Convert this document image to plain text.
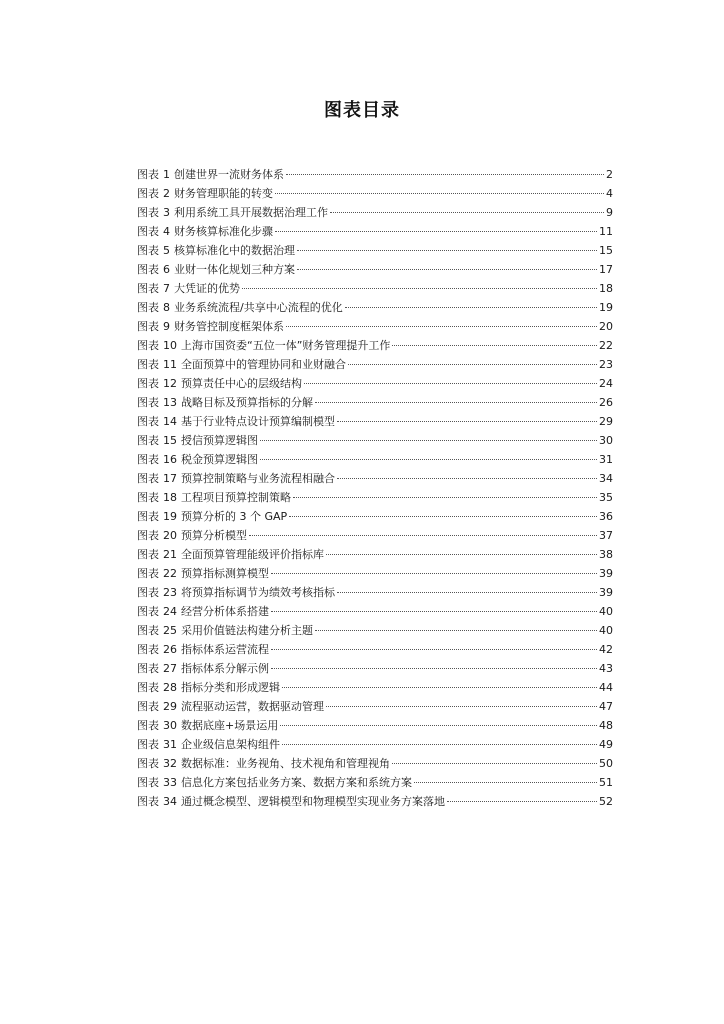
图表目录
图表 1 创建世界一流财务体系	2
图表 2 财务管理职能的转变	4
图表 3 利用系统工具开展数据治理工作	9
图表 4 财务核算标准化步骤	11
图表 5 核算标准化中的数据治理	15
图表 6 业财一体化规划三种方案	17
图表 7 大凭证的优势	18
图表 8 业务系统流程/共享中心流程的优化	19
图表 9 财务管控制度框架体系	20
图表 10 上海市国资委“五位一体”财务管理提升工作	22
图表 11 全面预算中的管理协同和业财融合	23
图表 12 预算责任中心的层级结构	24
图表 13 战略目标及预算指标的分解	26
图表 14 基于行业特点设计预算编制模型	29
图表 15 授信预算逻辑图	30
图表 16 税金预算逻辑图	31
图表 17 预算控制策略与业务流程相融合	34
图表 18 工程项目预算控制策略	35
图表 19 预算分析的 3 个 GAP	36
图表 20 预算分析模型	37
图表 21 全面预算管理能级评价指标库	38
图表 22 预算指标测算模型	39
图表 23 将预算指标调节为绩效考核指标	39
图表 24 经营分析体系搭建	40
图表 25 采用价值链法构建分析主题	40
图表 26 指标体系运营流程	42
图表 27 指标体系分解示例	43
图表 28 指标分类和形成逻辑	44
图表 29 流程驱动运营，数据驱动管理	47
图表 30 数据底座+场景运用	48
图表 31 企业级信息架构组件	49
图表 32 数据标准：业务视角、技术视角和管理视角	50
图表 33 信息化方案包括业务方案、数据方案和系统方案	51
图表 34 通过概念模型、逻辑模型和物理模型实现业务方案落地	52
